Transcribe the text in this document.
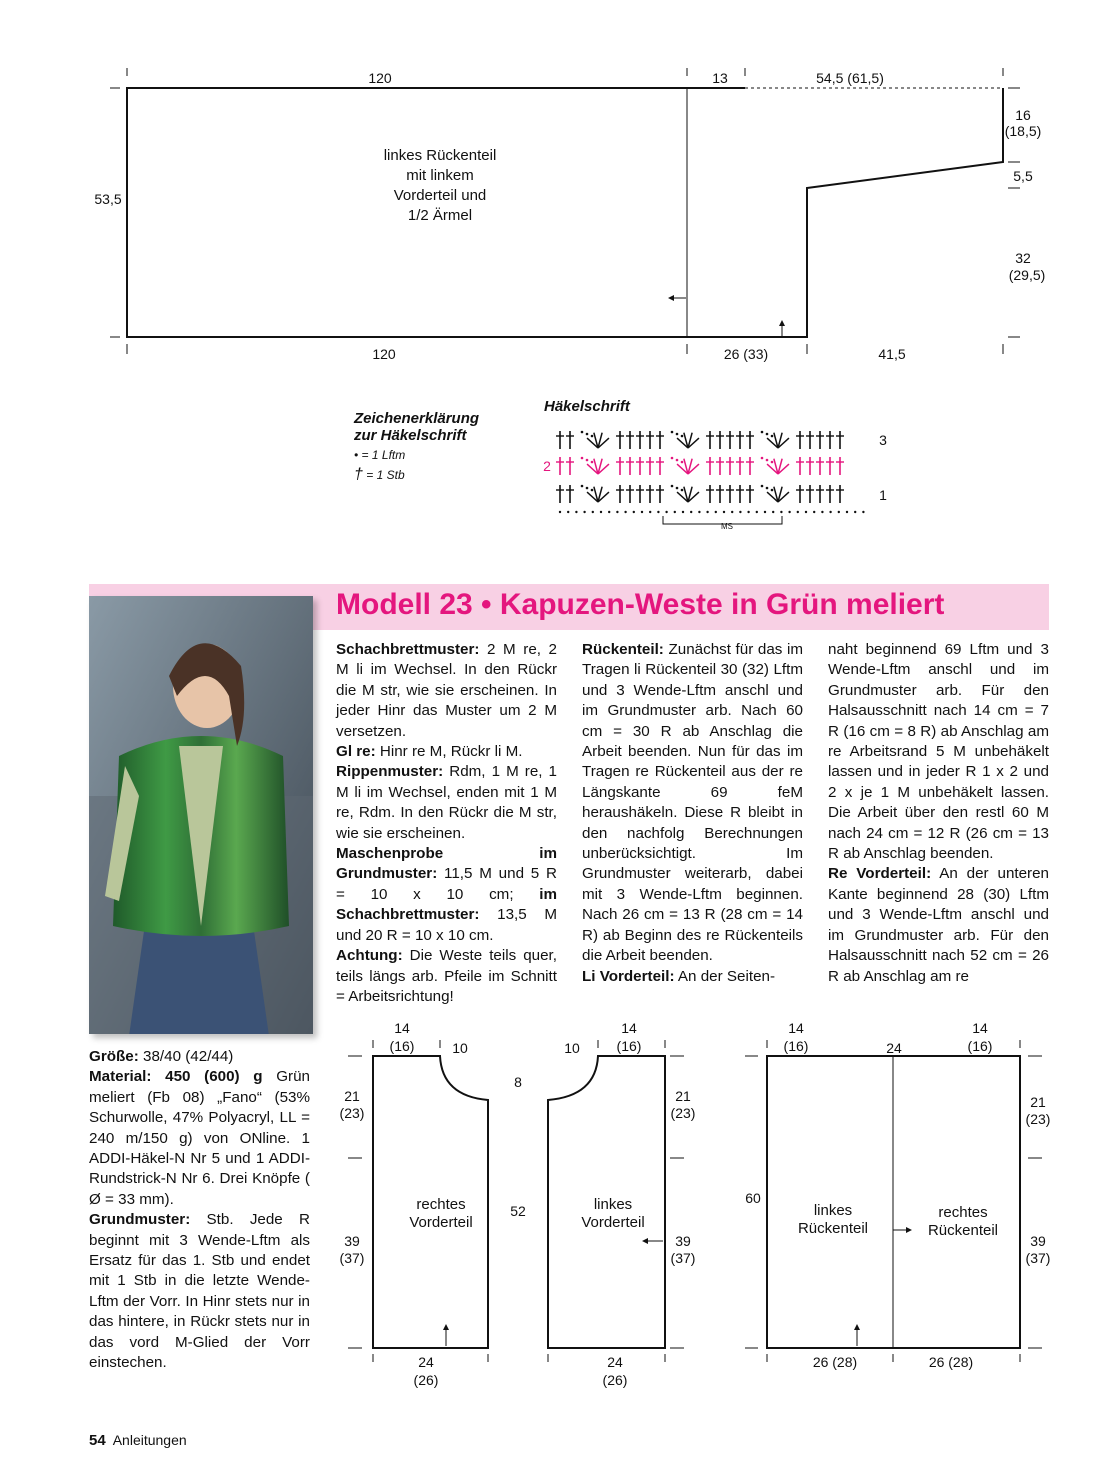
120	13	54,5 (61,5)
120	26 (33)	41,5
53,5
16
(18,5)
5,5
32
(29,5)
linkes Rückenteil
mit linkem
Vorderteil und
1/2 Ärmel
Zeichenerklärung
zur Häkelschrift
• = 1 Lftm
† = 1 Stb
Häkelschrift
3
2
1
MS
Modell 23 • Kapuzen-Weste in Grün meliert

Größe: 38/40 (42/44)
Material: 450 (600) g Grün meliert (Fb 08) „Fano“ (53% Schurwolle, 47% Polyacryl, LL = 240 m/150 g) von ONline. 1 ADDI-Häkel-N Nr 5 und 1 ADDI-Rundstrick-N Nr 6. Drei Knöpfe ( Ø = 33 mm).
Grundmuster: Stb. Jede R beginnt mit 3 Wende-Lftm als Ersatz für das 1. Stb und endet mit 1 Stb in die letzte Wende-Lftm der Vorr. In Hinr stets nur in das hintere, in Rückr stets nur in das vord M-Glied der Vorr einstechen.

Schachbrettmuster: 2 M re, 2 M li im Wechsel. In den Rückr die M str, wie sie erscheinen. In jeder Hinr das Muster um 2 M versetzen.
Gl re: Hinr re M, Rückr li M.
Rippenmuster: Rdm, 1 M re, 1 M li im Wechsel, enden mit 1 M re, Rdm. In den Rückr die M str, wie sie erscheinen.
Maschenprobe im Grundmuster: 11,5 M und 5 R = 10 x 10 cm; im Schachbrettmuster: 13,5 M und 20 R = 10 x 10 cm.
Achtung: Die Weste teils quer, teils längs arb. Pfeile im Schnitt = Arbeitsrichtung!

Rückenteil: Zunächst für das im Tragen li Rückenteil 30 (32) Lftm und 3 Wende-Lftm anschl und im Grundmuster arb. Nach 60 cm = 30 R ab Anschlag die Arbeit beenden. Nun für das im Tragen re Rückenteil aus der re Längskante 69 feM heraushäkeln. Diese R bleibt in den nachfolg Berechnungen unberücksichtigt. Im Grundmuster weiterarb, dabei mit 3 Wende-Lftm beginnen. Nach 26 cm = 13 R (28 cm = 14 R) ab Beginn des re Rückenteils die Arbeit beenden.
Li Vorderteil: An der Seiten-

naht beginnend 69 Lftm und 3 Wende-Lftm anschl und im Grundmuster arb. Für den Halsausschnitt nach 14 cm = 7 R (16 cm = 8 R) ab Anschlag am re Arbeitsrand 5 M unbehäkelt lassen und in jeder R 1 x 2 und 2 x je 1 M unbehäkelt lassen. Die Arbeit über den restl 60 M nach 24 cm = 12 R (26 cm = 13 R ab Anschlag beenden.
Re Vorderteil: An der unteren Kante beginnend 28 (30) Lftm und 3 Wende-Lftm anschl und im Grundmuster arb. Für den Halsausschnitt nach 52 cm = 26 R ab Anschlag am re

14
(16)	10
21
(23)
39
(37)
24
(26)
rechtes
Vorderteil
8
52
10
14
(16)
21
(23)
39
(37)
24
(26)
linkes
Vorderteil
14
(16)	24
14
(16)
60
21
(23)
39
(37)
26 (28)	26 (28)
linkes
Rückenteil
rechtes
Rückenteil
54 Anleitungen
